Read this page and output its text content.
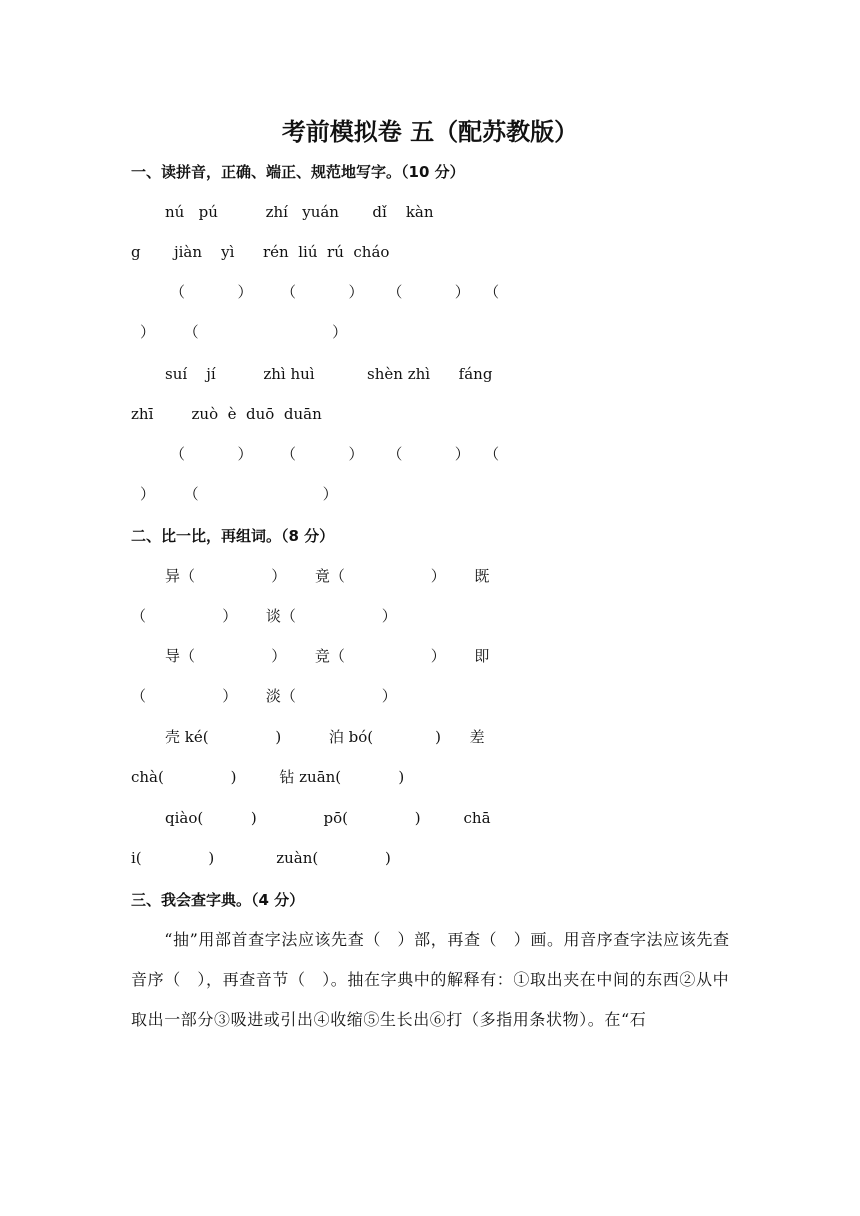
考前模拟卷 五（配苏教版）
一、读拼音，正确、端正、规范地写字。（10 分）
nú   pú          zhí   yuán       dǐ    kàn
g       jiàn    yì      rén  liú  rú  cháo
（           ）      （           ）     （           ）   （
）      （                            ）
suí    jí          zhì huì           shèn zhì      fáng
zhī        zuò  è  duō  duān
（           ）      （           ）     （           ）   （
）      （                          ）
二、比一比，再组词。（8 分）
异（                ）      竟（                  ）      既
（                ）      谈（                  ）
导（                ）      竞（                  ）      即
（                ）      淡（                  ）
壳 ké(              )          泊 bó(             )      差
chà(              )         钻 zuān(            )
qiào(          )              pō(              )         chā
i(              )             zuàn(              )
三、我会查字典。（4 分）
　　“抽”用部首查字法应该先查（　）部，再查（　）画。用音序查字法应该先查音序（　），再查音节（　）。抽在字典中的解释有：①取出夹在中间的东西②从中取出一部分③吸进或引出④收缩⑤生长出⑥打（多指用条状物）。在“石
